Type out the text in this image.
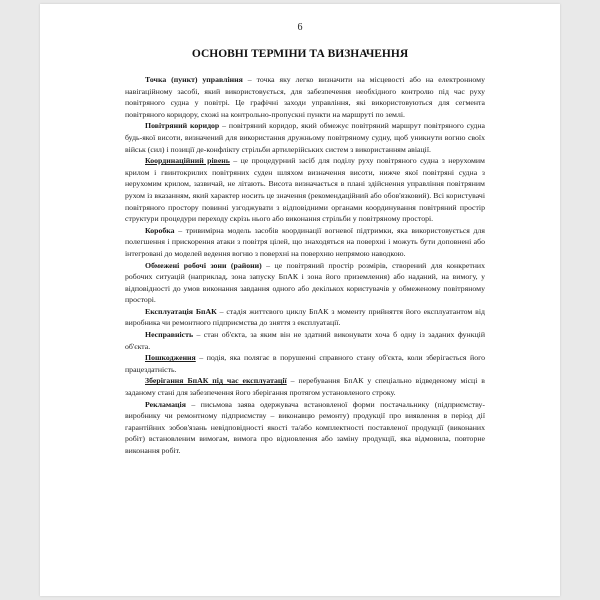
6
ОСНОВНІ ТЕРМІНИ ТА ВИЗНАЧЕННЯ

Точка (пункт) управління – точка яку легко визначити на місцевості або на електронному навігаційному засобі, який використовується, для забезпечення необхідного контролю під час руху повітряного судна у повітрі. Це графічні заходи управління, які використовуються для сегмента повітряного коридору, схожі на контрольно-пропускні пункти на маршруті по землі.

Повітряний коридор – повітряний коридор, який обмежує повітряний маршрут повітряного судна будь-якої висоти, визначений для використання дружньому повітряному судну, щоб уникнути вогню своїх військ (сил) і позиції де-конфлікту стрільби артилерійських систем з використанням авіації.

Координаційний рівень – це процедурний засіб для поділу руху повітряного судна з нерухомим крилом і гвинтокрилих повітряних суден шляхом визначення висоти, нижче якої повітряні судна з нерухомим крилом, зазвичай, не літають. Висота визначається в плані здійснення управління повітряним рухом із вказанням, який характер носить це значення (рекомендаційний або обов'язковий). Всі користувачі повітряного простору повинні узгоджувати з відповідними органами координування повітряний простір структури процедури переходу скрізь нього або виконання стрільби у повітряному просторі.

Коробка – тривимірна модель засобів координації вогневої підтримки, яка використовується для полегшення і прискорення атаки з повітря цілей, що знаходяться на поверхні і можуть бути доповнені або інтегровані до моделей ведення вогню з поверхні на поверхню непрямою наводкою.

Обмежені робочі зони (райони) – це повітряний простір розмірів, створений для конкретних робочих ситуацій (наприклад, зона запуску БпАК і зона його приземлення) або наданий, на вимогу, у відповідності до умов виконання завдання одного або декількох користувачів у обмеженому повітряному просторі.

Експлуатація БпАК – стадія життєвого циклу БпАК з моменту прийняття його експлуатантом від виробника чи ремонтного підприємства до зняття з експлуатації.

Несправність – стан об'єкта, за яким він не здатний виконувати хоча б одну із заданих функцій об'єкта.

Пошкодження – подія, яка полягає в порушенні справного стану об'єкта, коли зберігається його працездатність.

Зберігання БпАК під час експлуатації – перебування БпАК у спеціально відведеному місці в заданому стані для забезпечення його зберігання протягом установленого строку.

Рекламація – письмова заява одержувача встановленої форми постачальнику (підприємству-виробнику чи ремонтному підприємству – виконавцю ремонту) продукції про виявлення в період дії гарантійних зобов'язань невідповідності якості та/або комплектності поставленої продукції (виконаних робіт) встановленим вимогам, вимога про відновлення або заміну продукції, яка відмовила, повторне виконання робіт.
